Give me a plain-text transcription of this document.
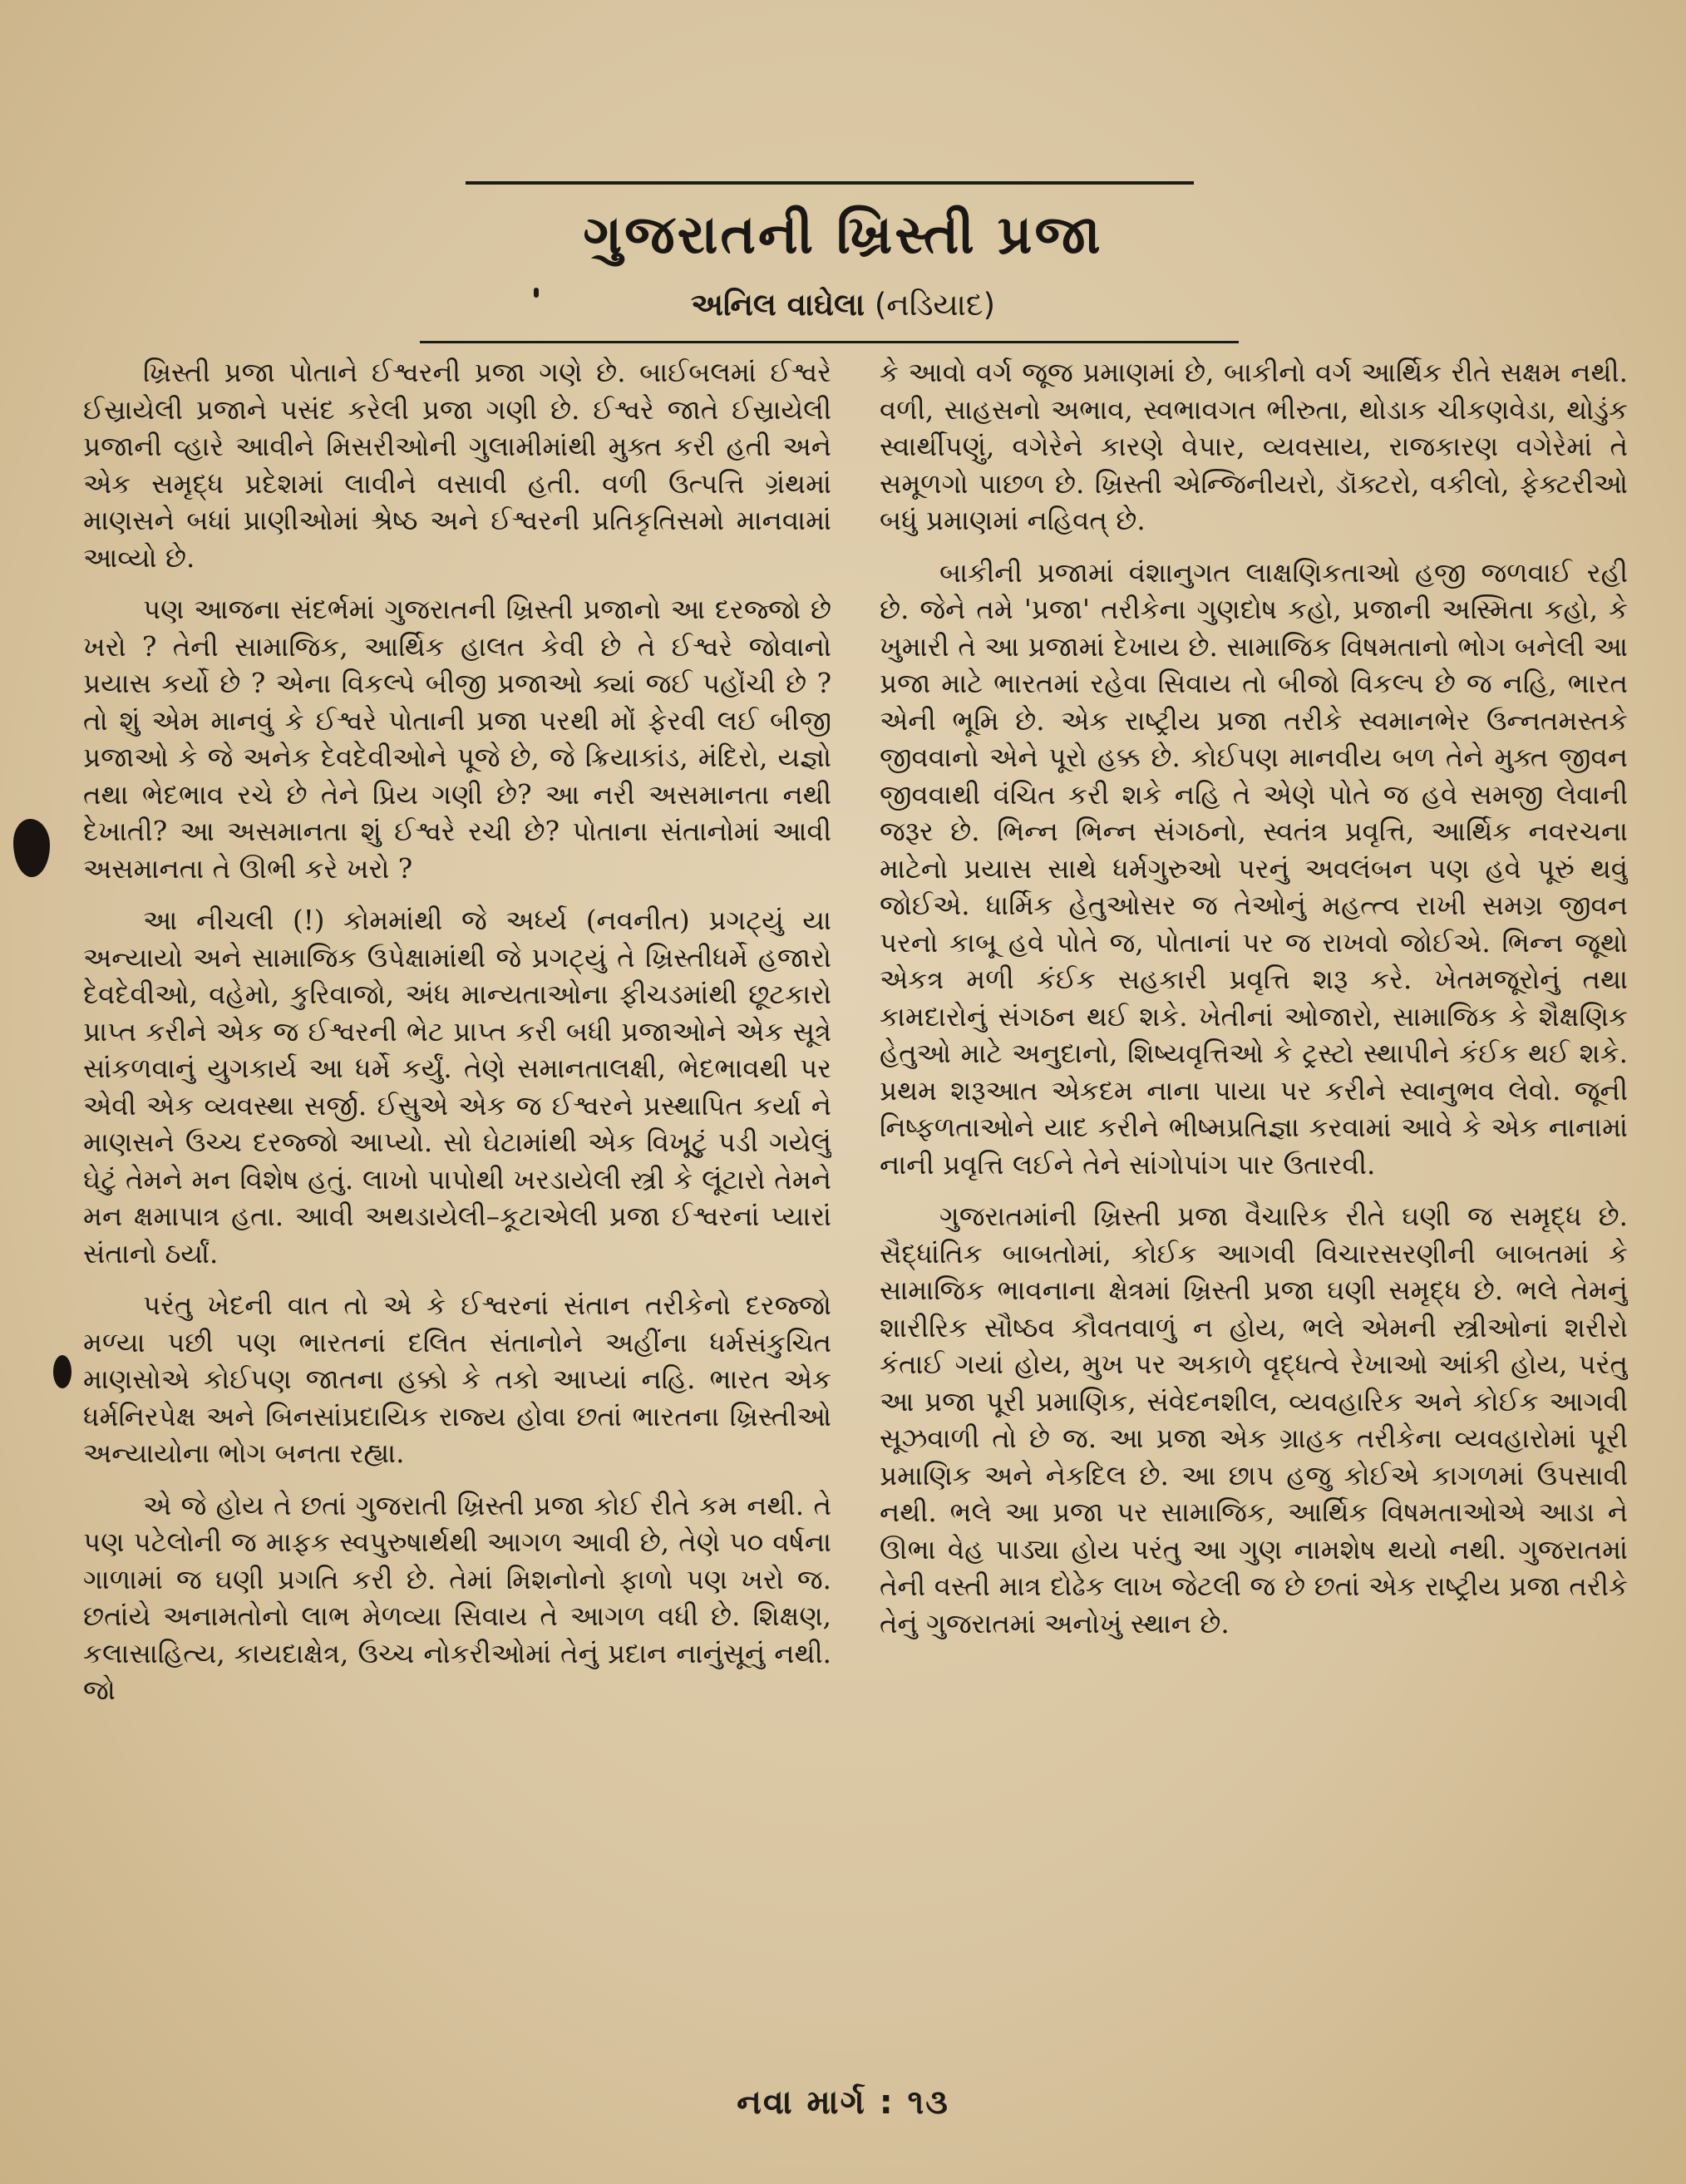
ગુજરાતની ખ્રિસ્તી પ્રજા
અનિલ વાઘેલા (નડિયાદ)

ખ્રિસ્તી પ્રજા પોતાને ઈશ્વરની પ્રજા ગણે છે. બાઈબલમાં ઈશ્વરે ઈસ્રાયેલી પ્રજાને પસંદ કરેલી પ્રજા ગણી છે. ઈશ્વરે જાતે ઈસ્રાયેલી પ્રજાની વ્હારે આવીને મિસરીઓની ગુલામીમાંથી મુક્ત કરી હતી અને એક સમૃદ્ધ પ્રદેશમાં લાવીને વસાવી હતી. વળી ઉત્પત્તિ ગ્રંથમાં માણસને બધાં પ્રાણીઓમાં શ્રેષ્ઠ અને ઈશ્વરની પ્રતિકૃતિસમો માનવામાં આવ્યો છે.

પણ આજના સંદર્ભમાં ગુજરાતની ખ્રિસ્તી પ્રજાનો આ દરજ્જો છે ખરો ? તેની સામાજિક, આર્થિક હાલત કેવી છે તે ઈશ્વરે જોવાનો પ્રયાસ કર્યો છે ? એના વિકલ્પે બીજી પ્રજાઓ ક્યાં જઈ પહોંચી છે ? તો શું એમ માનવું કે ઈશ્વરે પોતાની પ્રજા પરથી મોં ફેરવી લઈ બીજી પ્રજાઓ કે જે અનેક દેવદેવીઓને પૂજે છે, જે ક્રિયાકાંડ, મંદિરો, યજ્ઞો તથા ભેદભાવ રચે છે તેને પ્રિય ગણી છે? આ નરી અસમાનતા નથી દેખાતી? આ અસમાનતા શું ઈશ્વરે રચી છે? પોતાના સંતાનોમાં આવી અસમાનતા તે ઊભી કરે ખરો ?

આ નીચલી (!) કોમમાંથી જે અર્ધ્ય (નવનીત) પ્રગટ્યું યા અન્યાયો અને સામાજિક ઉપેક્ષામાંથી જે પ્રગટ્યું તે ખ્રિસ્તીધર્મે હજારો દેવદેવીઓ, વહેમો, કુરિવાજો, અંધ માન્યતાઓના ફીચડમાંથી છૂટકારો પ્રાપ્ત કરીને એક જ ઈશ્વરની ભેટ પ્રાપ્ત કરી બધી પ્રજાઓને એક સૂત્રે સાંકળવાનું યુગકાર્ય આ ધર્મે કર્યું. તેણે સમાનતાલક્ષી, ભેદભાવથી પર એવી એક વ્યવસ્થા સર્જી. ઈસુએ એક જ ઈશ્વરને પ્રસ્થાપિત કર્યા ને માણસને ઉચ્ચ દરજ્જો આપ્યો. સો ઘેટામાંથી એક વિખૂટું પડી ગયેલું ઘેટું તેમને મન વિશેષ હતું. લાખો પાપોથી ખરડાયેલી સ્ત્રી કે લૂંટારો તેમને મન ક્ષમાપાત્ર હતા. આવી અથડાયેલી–કૂટાએલી પ્રજા ઈશ્વરનાં પ્યારાં સંતાનો ઠર્યાં.

પરંતુ ખેદની વાત તો એ કે ઈશ્વરનાં સંતાન તરીકેનો દરજ્જો મળ્યા પછી પણ ભારતનાં દલિત સંતાનોને અહીંના ધર્મસંકુચિત માણસોએ કોઈપણ જાતના હક્કો કે તકો આપ્યાં નહિ. ભારત એક ધર્મનિરપેક્ષ અને બિનસાંપ્રદાયિક રાજ્ય હોવા છતાં ભારતના ખ્રિસ્તીઓ અન્યાયોના ભોગ બનતા રહ્યા.

એ જે હોય તે છતાં ગુજરાતી ખ્રિસ્તી પ્રજા કોઈ રીતે કમ નથી. તે પણ પટેલોની જ માફક સ્વપુરુષાર્થથી આગળ આવી છે, તેણે ૫૦ વર્ષના ગાળામાં જ ઘણી પ્રગતિ કરી છે. તેમાં મિશનોનો ફાળો પણ ખરો જ. છતાંયે અનામતોનો લાભ મેળવ્યા સિવાય તે આગળ વધી છે. શિક્ષણ, કલાસાહિત્ય, કાયદાક્ષેત્ર, ઉચ્ચ નોકરીઓમાં તેનું પ્રદાન નાનુંસૂનું નથી. જો

કે આવો વર્ગ જૂજ પ્રમાણમાં છે, બાકીનો વર્ગ આર્થિક રીતે સક્ષમ નથી. વળી, સાહસનો અભાવ, સ્વભાવગત ભીરુતા, થોડાક ચીકણવેડા, થોડુંક સ્વાર્થીપણું, વગેરેને કારણે વેપાર, વ્યવસાય, રાજકારણ વગેરેમાં તે સમૂળગો પાછળ છે. ખ્રિસ્તી એન્જિનીયરો, ડૉક્ટરો, વકીલો, ફેક્ટરીઓ બધું પ્રમાણમાં નહિવત્ છે.

બાકીની પ્રજામાં વંશાનુગત લાક્ષણિકતાઓ હજી જળવાઈ રહી છે. જેને તમે 'પ્રજા' તરીકેના ગુણદોષ કહો, પ્રજાની અસ્મિતા કહો, કે ખુમારી તે આ પ્રજામાં દેખાય છે. સામાજિક વિષમતાનો ભોગ બનેલી આ પ્રજા માટે ભારતમાં રહેવા સિવાય તો બીજો વિકલ્પ છે જ નહિ, ભારત એની ભૂમિ છે. એક રાષ્ટ્રીય પ્રજા તરીકે સ્વમાનભેર ઉન્નતમસ્તકે જીવવાનો એને પૂરો હક્ક છે. કોઈપણ માનવીય બળ તેને મુક્ત જીવન જીવવાથી વંચિત કરી શકે નહિ તે એણે પોતે જ હવે સમજી લેવાની જરૂર છે. ભિન્ન ભિન્ન સંગઠનો, સ્વતંત્ર પ્રવૃત્તિ, આર્થિક નવરચના માટેનો પ્રયાસ સાથે ધર્મગુરુઓ પરનું અવલંબન પણ હવે પૂરું થવું જોઈએ. ધાર્મિક હેતુઓસર જ તેઓનું મહત્ત્વ રાખી સમગ્ર જીવન પરનો કાબૂ હવે પોતે જ, પોતાનાં પર જ રાખવો જોઈએ. ભિન્ન જૂથો એકત્ર મળી કંઈક સહકારી પ્રવૃત્તિ શરૂ કરે. ખેતમજૂરોનું તથા કામદારોનું સંગઠન થઈ શકે. ખેતીનાં ઓજારો, સામાજિક કે શૈક્ષણિક હેતુઓ માટે અનુદાનો, શિષ્યવૃત્તિઓ કે ટ્રસ્ટો સ્થાપીને કંઈક થઈ શકે. પ્રથમ શરૂઆત એકદમ નાના પાયા પર કરીને સ્વાનુભવ લેવો. જૂની નિષ્ફળતાઓને યાદ કરીને ભીષ્મપ્રતિજ્ઞા કરવામાં આવે કે એક નાનામાં નાની પ્રવૃત્તિ લઈને તેને સાંગોપાંગ પાર ઉતારવી.

ગુજરાતમાંની ખ્રિસ્તી પ્રજા વૈચારિક રીતે ઘણી જ સમૃદ્ધ છે. સૈદ્ધાંતિક બાબતોમાં, કોઈક આગવી વિચારસરણીની બાબતમાં કે સામાજિક ભાવનાના ક્ષેત્રમાં ખ્રિસ્તી પ્રજા ઘણી સમૃદ્ધ છે. ભલે તેમનું શારીરિક સૌષ્ઠવ કૌવતવાળું ન હોય, ભલે એમની સ્ત્રીઓનાં શરીરો કંતાઈ ગયાં હોય, મુખ પર અકાળે વૃદ્ધત્વે રેખાઓ આંકી હોય, પરંતુ આ પ્રજા પૂરી પ્રમાણિક, સંવેદનશીલ, વ્યવહારિક અને કોઈક આગવી સૂઝવાળી તો છે જ. આ પ્રજા એક ગ્રાહક તરીકેના વ્યવહારોમાં પૂરી પ્રમાણિક અને નેકદિલ છે. આ છાપ હજુ કોઈએ કાગળમાં ઉપસાવી નથી. ભલે આ પ્રજા પર સામાજિક, આર્થિક વિષમતાઓએ આડા ને ઊભા વેહ પાડ્યા હોય પરંતુ આ ગુણ નામશેષ થયો નથી. ગુજરાતમાં તેની વસ્તી માત્ર દોઢેક લાખ જેટલી જ છે છતાં એક રાષ્ટ્રીય પ્રજા તરીકે તેનું ગુજરાતમાં અનોખું સ્થાન છે.

નવા માર્ગ : ૧૩
